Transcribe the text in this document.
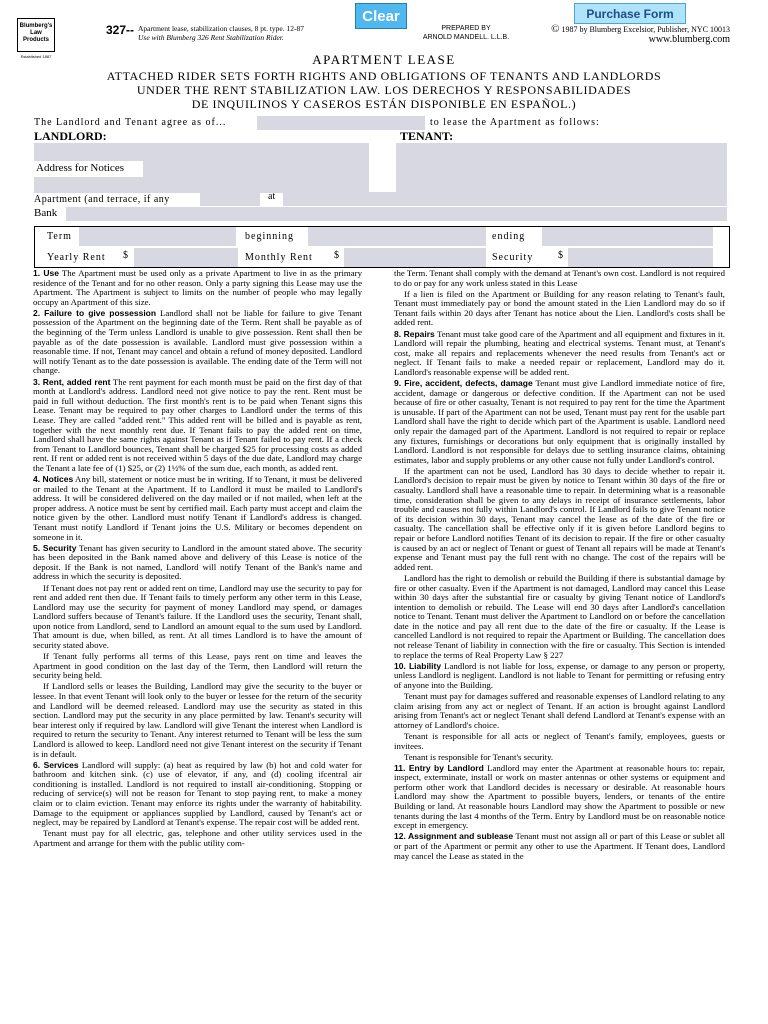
Blumberg's Law Products
Established 1887
327-- Apartment lease, stabilization clauses, 8 pt. type. 12-87
Use with Blumberg 326 Rent Stabilization Rider.
Clear
PREPARED BY
ARNOLD MANDELL. L.L.B.
Purchase Form
© 1987 by Blumberg Excelsior, Publisher, NYC 10013
www.blumberg.com
APARTMENT LEASE
ATTACHED RIDER SETS FORTH RIGHTS AND OBLIGATIONS OF TENANTS AND LANDLORDS
UNDER THE RENT STABILIZATION LAW. LOS DERECHOS Y RESPONSABILIDADES
DE INQUILINOS Y CASEROS ESTÁN DISPONIBLE EN ESPAÑOL.)
The Landlord and Tenant agree as of...	to lease the Apartment as follows:
LANDLORD:	TENANT:
Address for Notices
Apartment (and terrace, if any	at
Bank
Term	beginning	ending
Yearly Rent $	Monthly Rent $	Security $

1. Use The Apartment must be used only as a private Apartment to live in as the primary residence of the Tenant and for no other reason. Only a party signing this Lease may use the Apartment. The Apartment is subject to limits on the number of people who may legally occupy an Apartment of this size.

2. Failure to give possession Landlord shall not be liable for failure to give Tenant possession of the Apartment on the beginning date of the Term. Rent shall be payable as of the beginning of the Term unless Landlord is unable to give possession. Rent shall then be payable as of the date possession is available. Landlord must give possession within a reasonable time. If not, Tenant may cancel and obtain a refund of money deposited. Landlord will notify Tenant as to the date possession is available. The ending date of the Term will not change.

3. Rent, added rent The rent payment for each month must be paid on the first day of that month at Landlord's address. Landlord need not give notice to pay the rent. Rent must be paid in full without deduction. The first month's rent is to be paid when Tenant signs this Lease. Tenant may be required to pay other charges to Landlord under the terms of this Lease. They are called "added rent." This added rent will be billed and is payable as rent, together with the next monthly rent due. If Tenant fails to pay the added rent on time, Landlord shall have the same rights against Tenant as if Tenant failed to pay rent. If a check from Tenant to Landlord bounces, Tenant shall be charged $25 for processing costs as added rent. If rent or added rent is not received within 5 days of the due date, Landlord may charge the Tenant a late fee of (1) $25, or (2) 1½% of the sum due, each month, as added rent.

4. Notices Any bill, statement or notice must be in writing. If to Tenant, it must be delivered or mailed to the Tenant at the Apartment. If to Landlord it must be mailed to Landlord's address. It will be considered delivered on the day mailed or if not mailed, when left at the proper address. A notice must be sent by certified mail. Each party must accept and claim the notice given by the other. Landlord must notify Tenant if Landlord's address is changed. Tenant must notify Landlord if Tenant joins the U.S. Military or becomes dependent on someone in it.

5. Security Tenant has given security to Landlord in the amount stated above. The security has been deposited in the Bank named above and delivery of this Lease is notice of the deposit. If the Bank is not named, Landlord will notify Tenant of the Bank's name and address in which the security is deposited.

If Tenant does not pay rent or added rent on time, Landlord may use the security to pay for rent and added rent then due. If Tenant fails to timely perform any other term in this Lease, Landlord may use the security for payment of money Landlord may spend, or damages Landlord suffers because of Tenant's failure. If the Landlord uses the security, Tenant shall, upon notice from Landlord, send to Landlord an amount equal to the sum used by Landlord. That amount is due, when billed, as rent. At all times Landlord is to have the amount of security stated above.

If Tenant fully performs all terms of this Lease, pays rent on time and leaves the Apartment in good condition on the last day of the Term, then Landlord will return the security being held.

If Landlord sells or leases the Building, Landlord may give the security to the buyer or lessee. In that event Tenant will look only to the buyer or lessee for the return of the security and Landlord will be deemed released. Landlord may use the security as stated in this section. Landlord may put the security in any place permitted by law. Tenant's security will bear interest only if required by law. Landlord will give Tenant the interest when Landlord is required to return the security to Tenant. Any interest returned to Tenant will be less the sum Landlord is allowed to keep. Landlord need not give Tenant interest on the security if Tenant is in default.

6. Services Landlord will supply: (a) heat as required by law (b) hot and cold water for bathroom and kitchen sink. (c) use of elevator, if any, and (d) cooling ifcentral air conditioning is installed. Landlord is not required to install air-conditioning. Stopping or reducing of service(s) will not be reason for Tenant to stop paying rent, to make a money claim or to claim eviction. Tenant may enforce its rights under the warranty of habitability. Damage to the equipment or appliances supplied by Landlord, caused by Tenant's act or neglect, may be repaired by Landlord at Tenant's expense. The repair cost will be added rent.

Tenant must pay for all electric, gas, telephone and other utility services used in the Apartment and arrange for them with the public utility com-

the Term. Tenant shall comply with the demand at Tenant's own cost. Landlord is not required to do or pay for any work unless stated in this Lease

If a lien is filed on the Apartment or Building for any reason relating to Tenant's fault, Tenant must immediately pay or bond the amount stated in the Lien Landlord may do so if Tenant fails within 20 days after Tenant has notice about the Lien. Landlord's costs shall be added rent.

8. Repairs Tenant must take good care of the Apartment and all equipment and fixtures in it. Landlord will repair the plumbing, heating and electrical systems. Tenant must, at Tenant's cost, make all repairs and replacements whenever the need results from Tenant's act or neglect. If Tenant fails to make a needed repair or replacement, Landlord may do it. Landlord's reasonable expense will be added rent.

9. Fire, accident, defects, damage Tenant must give Landlord immediate notice of fire, accident, damage or dangerous or defective condition. If the Apartment can not be used because of fire or other casualty, Tenant is not required to pay rent for the time the Apartment is unusable. If part of the Apartment can not be used, Tenant must pay rent for the usable part Landlord shall have the right to decide which part of the Apartment is usable. Landlord need only repair the damaged part of the Apartment. Landlord is not required to repair or replace any fixtures, furnishings or decorations but only equipment that is originally installed by Landlord. Landlord is not responsible for delays due to settling insurance claims, obtaining estimates, labor and supply problems or any other cause not fully under Landlord's control.

If the apartment can not be used, Landlord has 30 days to decide whether to repair it. Landlord's decision to repair must be given by notice to Tenant within 30 days of the fire or casualty. Landlord shall have a reasonable time to repair. In determining what is a reasonable time, consideration shall be given to any delays in receipt of insurance settlements, labor trouble and causes not fully within Landlord's control. If Landlord fails to give Tenant notice of its decision within 30 days, Tenant may cancel the lease as of the date of the fire or casualty. The cancellation shall be effective only if it is given before Landlord begins to repair or before Landlord notifies Tenant of its decision to repair. If the fire or other casualty is caused by an act or neglect of Tenant or guest of Tenant all repairs will be made at Tenant's expense and Tenant must pay the full rent with no change. The cost of the repairs will be added rent.

Landlord has the right to demolish or rebuild the Building if there is substantial damage by fire or other casualty. Even if the Apartment is not damaged, Landlord may cancel this Lease within 30 days after the substantial fire or casualty by giving Tenant notice of Landlord's intention to demolish or rebuild. The Lease will end 30 days after Landlord's cancellation notice to Tenant. Tenant must deliver the Apartment to Landlord on or before the cancellation date in the notice and pay all rent due to the date of the fire or casualty. If the Lease is cancelled Landlord is not required to repair the Apartment or Building. The cancellation does not release Tenant of liability in connection with the fire or casualty. This Section is intended to replace the terms of Real Property Law § 227

10. Liability Landlord is not liable for loss, expense, or damage to any person or property, unless Landlord is negligent. Landlord is not liable to Tenant for permitting or refusing entry of anyone into the Building.

Tenant must pay for damages suffered and reasonable expenses of Landlord relating to any claim arising from any act or neglect of Tenant. If an action is brought against Landlord arising from Tenant's act or neglect Tenant shall defend Landlord at Tenant's expense with an attorney of Landlord's choice.

Tenant is responsible for all acts or neglect of Tenant's family, employees, guests or invitees.

Tenant is responsible for Tenant's security.

11. Entry by Landlord Landlord may enter the Apartment at reasonable hours to: repair, inspect, exterminate, install or work on master antennas or other systems or equipment and perform other work that Landlord decides is necessary or desirable. At reasonable hours Landlord may show the Apartment to possible buyers, lenders, or tenants of the entire Building or land. At reasonable hours Landlord may show the Apartment to possible or new tenants during the last 4 months of the Term. Entry by Landlord must be on reasonable notice except in emergency.

12. Assignment and sublease Tenant must not assign all or part of this Lease or sublet all or part of the Apartment or permit any other to use the Apartment. If Tenant does, Landlord may cancel the Lease as stated in the
